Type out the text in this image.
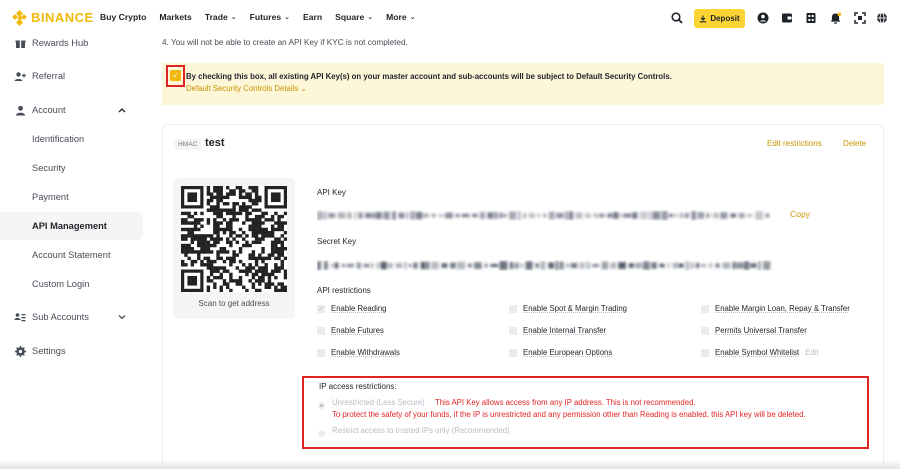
BINANCE Buy Crypto Markets Trade ⌄ Futures ⌄ Earn Square ⌄ More ⌄	Deposit
Rewards Hub
Referral
Account
Identification
Security
Payment
API Management
Account Statement
Custom Login
Sub Accounts
Settings
4. You will not be able to create an API Key if KYC is not completed.
✓ By checking this box, all existing API Key(s) on your master account and sub-accounts will be subject to Default Security Controls.
Default Security Controls Details ⌄
HMAC test	Edit restrictions	Delete
Scan to get address
API Key
Copy
Secret Key
API restrictions
✓ Enable Reading	Enable Spot & Margin Trading	Enable Margin Loan, Repay & Transfer
Enable Futures	Enable Internal Transfer	Permits Universal Transfer
Enable Withdrawals	Enable European Options	Enable Symbol Whitelist Edit
IP access restrictions:
Unrestricted (Less Secure) This API Key allows access from any IP address. This is not recommended.
To protect the safety of your funds, if the IP is unrestricted and any permission other than Reading is enabled, this API key will be deleted.
Restrict access to trusted IPs only (Recommended)
